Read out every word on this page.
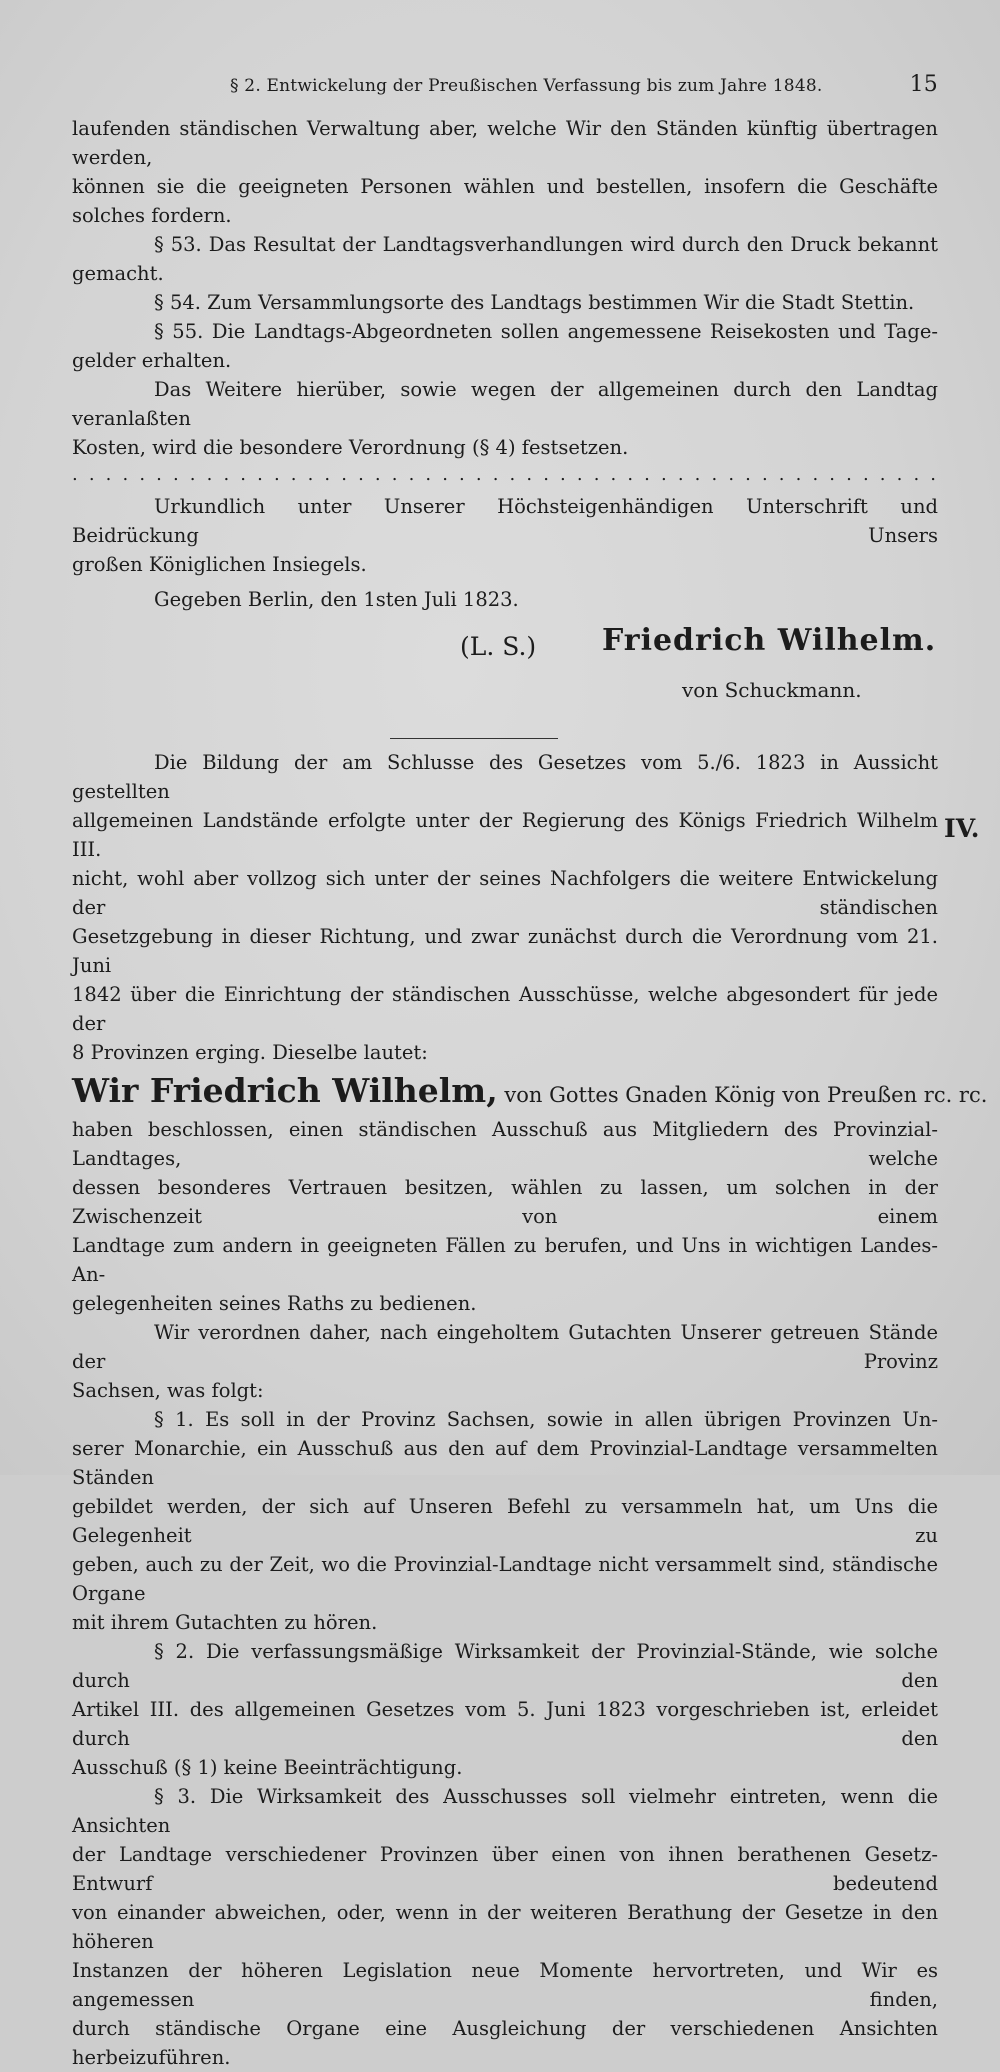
§ 2. Entwickelung der Preußischen Verfassung bis zum Jahre 1848.	15
IV.

laufenden ständischen Verwaltung aber, welche Wir den Ständen künftig übertragen werden,

können sie die geeigneten Personen wählen und bestellen, insofern die Geschäfte solches fordern.

§ 53. Das Resultat der Landtagsverhandlungen wird durch den Druck bekannt gemacht.

§ 54. Zum Versammlungsorte des Landtags bestimmen Wir die Stadt Stettin.

§ 55. Die Landtags-Abgeordneten sollen angemessene Reisekosten und Tage-

gelder erhalten.

Das Weitere hierüber, sowie wegen der allgemeinen durch den Landtag veranlaßten

Kosten, wird die besondere Verordnung (§ 4) festsetzen.

. . . . . . . . . . . . . . . . . . . . . . . . . . . . . . . . . . . . . . . . . . . . . . . . . . . .

Urkundlich unter Unserer Höchsteigenhändigen Unterschrift und Beidrückung Unsers

großen Königlichen Insiegels.

Gegeben Berlin, den 1sten Juli 1823.

(L. S.) Friedrich Wilhelm.
von Schuckmann.

Die Bildung der am Schlusse des Gesetzes vom 5./6. 1823 in Aussicht gestellten

allgemeinen Landstände erfolgte unter der Regierung des Königs Friedrich Wilhelm III.

nicht, wohl aber vollzog sich unter der seines Nachfolgers die weitere Entwickelung der ständischen

Gesetzgebung in dieser Richtung, und zwar zunächst durch die Verordnung vom 21. Juni

1842 über die Einrichtung der ständischen Ausschüsse, welche abgesondert für jede der

8 Provinzen erging. Dieselbe lautet:

Wir Friedrich Wilhelm, von Gottes Gnaden König von Preußen rc. rc.

haben beschlossen, einen ständischen Ausschuß aus Mitgliedern des Provinzial-Landtages, welche

dessen besonderes Vertrauen besitzen, wählen zu lassen, um solchen in der Zwischenzeit von einem

Landtage zum andern in geeigneten Fällen zu berufen, und Uns in wichtigen Landes-An-

gelegenheiten seines Raths zu bedienen.

Wir verordnen daher, nach eingeholtem Gutachten Unserer getreuen Stände der Provinz

Sachsen, was folgt:

§ 1. Es soll in der Provinz Sachsen, sowie in allen übrigen Provinzen Un-

serer Monarchie, ein Ausschuß aus den auf dem Provinzial-Landtage versammelten Ständen

gebildet werden, der sich auf Unseren Befehl zu versammeln hat, um Uns die Gelegenheit zu

geben, auch zu der Zeit, wo die Provinzial-Landtage nicht versammelt sind, ständische Organe

mit ihrem Gutachten zu hören.

§ 2. Die verfassungsmäßige Wirksamkeit der Provinzial-Stände, wie solche durch den

Artikel III. des allgemeinen Gesetzes vom 5. Juni 1823 vorgeschrieben ist, erleidet durch den

Ausschuß (§ 1) keine Beeinträchtigung.

§ 3. Die Wirksamkeit des Ausschusses soll vielmehr eintreten, wenn die Ansichten

der Landtage verschiedener Provinzen über einen von ihnen berathenen Gesetz-Entwurf bedeutend

von einander abweichen, oder, wenn in der weiteren Berathung der Gesetze in den höheren

Instanzen der höheren Legislation neue Momente hervortreten, und Wir es angemessen finden,

durch ständische Organe eine Ausgleichung der verschiedenen Ansichten herbeizuführen.
